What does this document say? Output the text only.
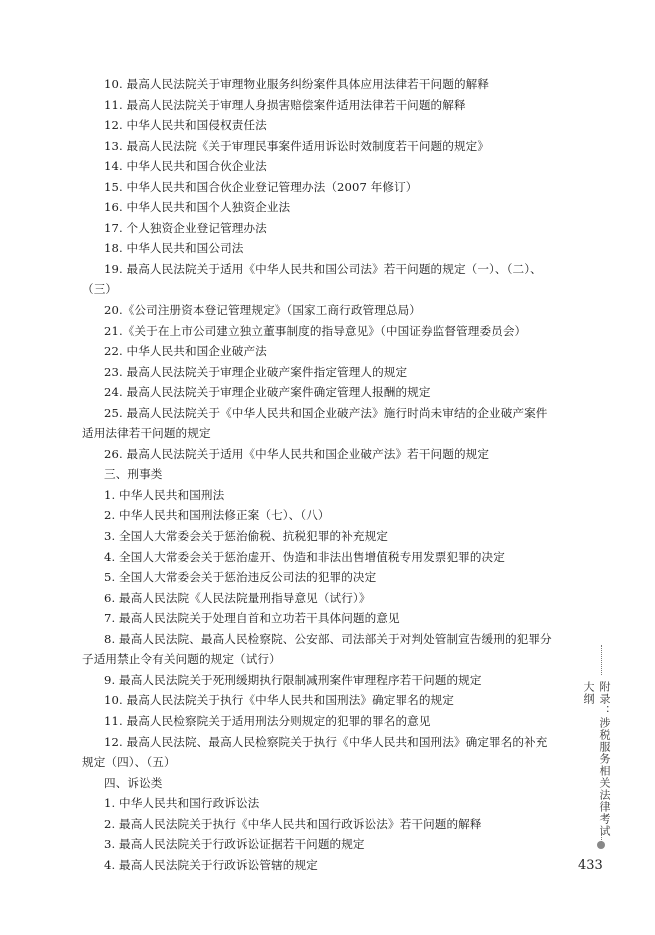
10. 最高人民法院关于审理物业服务纠纷案件具体应用法律若干问题的解释
11. 最高人民法院关于审理人身损害赔偿案件适用法律若干问题的解释
12. 中华人民共和国侵权责任法
13. 最高人民法院《关于审理民事案件适用诉讼时效制度若干问题的规定》
14. 中华人民共和国合伙企业法
15. 中华人民共和国合伙企业登记管理办法（2007 年修订）
16. 中华人民共和国个人独资企业法
17. 个人独资企业登记管理办法
18. 中华人民共和国公司法
19. 最高人民法院关于适用《中华人民共和国公司法》若干问题的规定（一）、（二）、
（三）
20.《公司注册资本登记管理规定》（国家工商行政管理总局）
21.《关于在上市公司建立独立董事制度的指导意见》（中国证券监督管理委员会）
22. 中华人民共和国企业破产法
23. 最高人民法院关于审理企业破产案件指定管理人的规定
24. 最高人民法院关于审理企业破产案件确定管理人报酬的规定
25. 最高人民法院关于《中华人民共和国企业破产法》施行时尚未审结的企业破产案件
适用法律若干问题的规定
26. 最高人民法院关于适用《中华人民共和国企业破产法》若干问题的规定
三、刑事类
1. 中华人民共和国刑法
2. 中华人民共和国刑法修正案（七）、（八）
3. 全国人大常委会关于惩治偷税、抗税犯罪的补充规定
4. 全国人大常委会关于惩治虚开、伪造和非法出售增值税专用发票犯罪的决定
5. 全国人大常委会关于惩治违反公司法的犯罪的决定
6. 最高人民法院《人民法院量刑指导意见（试行）》
7. 最高人民法院关于处理自首和立功若干具体问题的意见
8. 最高人民法院、最高人民检察院、公安部、司法部关于对判处管制宣告缓刑的犯罪分
子适用禁止令有关问题的规定（试行）
9. 最高人民法院关于死刑缓期执行限制减刑案件审理程序若干问题的规定
10. 最高人民法院关于执行《中华人民共和国刑法》确定罪名的规定
11. 最高人民检察院关于适用刑法分则规定的犯罪的罪名的意见
12. 最高人民法院、最高人民检察院关于执行《中华人民共和国刑法》确定罪名的补充
规定（四）、（五）
四、诉讼类
1. 中华人民共和国行政诉讼法
2. 最高人民法院关于执行《中华人民共和国行政诉讼法》若干问题的解释
3. 最高人民法院关于行政诉讼证据若干问题的规定
4. 最高人民法院关于行政诉讼管辖的规定
附录：涉税服务相关法律考试大纲
433
